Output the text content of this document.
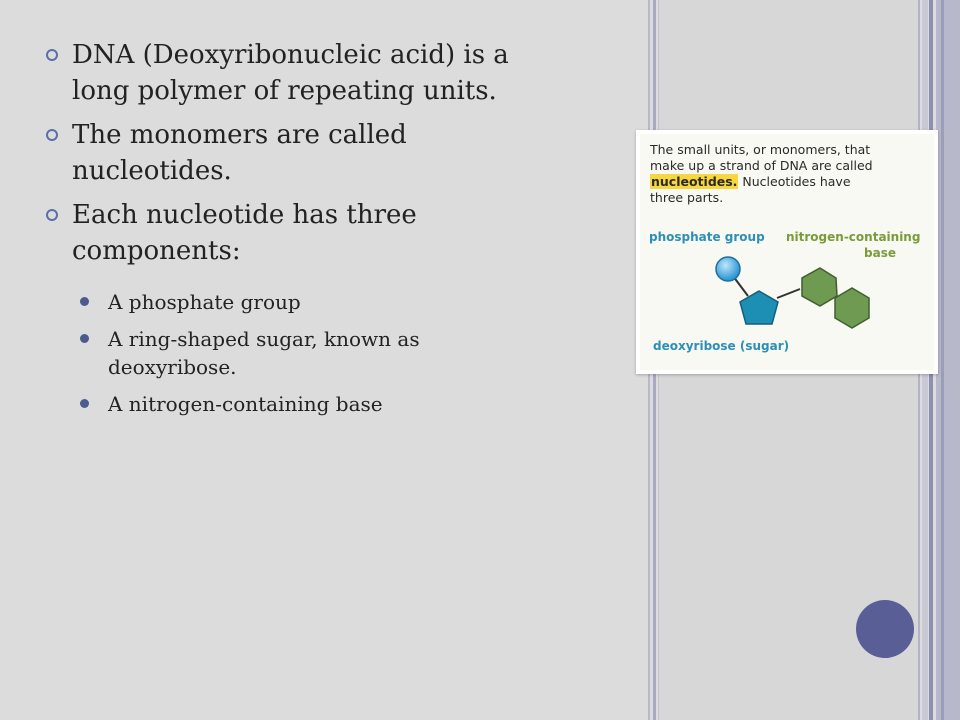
DNA (Deoxyribonucleic acid) is a
long polymer of repeating units.
The monomers are called
nucleotides.
Each nucleotide has three
components:
A phosphate group
A ring-shaped sugar, known as
deoxyribose.
A nitrogen-containing base
The small units, or monomers, that
make up a strand of DNA are called
nucleotides. Nucleotides have
three parts.
phosphate group nitrogen-containing
base
deoxyribose (sugar)
